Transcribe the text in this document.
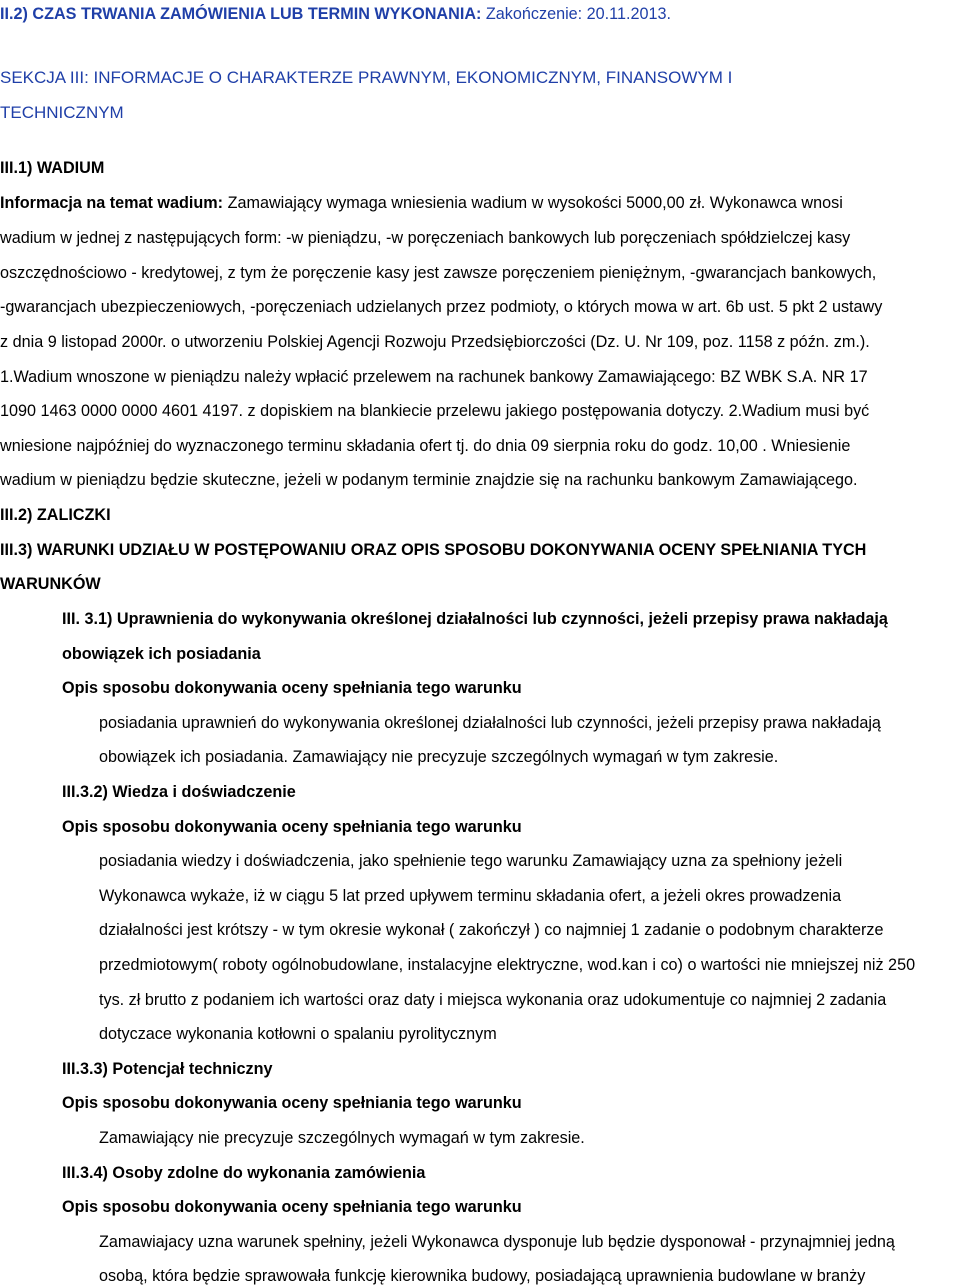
II.2) CZAS TRWANIA ZAMÓWIENIA LUB TERMIN WYKONANIA: Zakończenie: 20.11.2013.
SEKCJA III: INFORMACJE O CHARAKTERZE PRAWNYM, EKONOMICZNYM, FINANSOWYM I
TECHNICZNYM
III.1) WADIUM
Informacja na temat wadium: Zamawiający wymaga wniesienia wadium w wysokości 5000,00 zł. Wykonawca wnosi
wadium w jednej z następujących form: -w pieniądzu, -w poręczeniach bankowych lub poręczeniach spółdzielczej kasy
oszczędnościowo - kredytowej, z tym że poręczenie kasy jest zawsze poręczeniem pieniężnym, -gwarancjach bankowych,
-gwarancjach ubezpieczeniowych, -poręczeniach udzielanych przez podmioty, o których mowa w art. 6b ust. 5 pkt 2 ustawy
z dnia 9 listopad 2000r. o utworzeniu Polskiej Agencji Rozwoju Przedsiębiorczości (Dz. U. Nr 109, poz. 1158 z późn. zm.).
1.Wadium wnoszone w pieniądzu należy wpłacić przelewem na rachunek bankowy Zamawiającego: BZ WBK S.A. NR 17
1090 1463 0000 0000 4601 4197. z dopiskiem na blankiecie przelewu jakiego postępowania dotyczy. 2.Wadium musi być
wniesione najpóźniej do wyznaczonego terminu składania ofert tj. do dnia 09 sierpnia roku do godz. 10,00 . Wniesienie
wadium w pieniądzu będzie skuteczne, jeżeli w podanym terminie znajdzie się na rachunku bankowym Zamawiającego.
III.2) ZALICZKI
III.3) WARUNKI UDZIAŁU W POSTĘPOWANIU ORAZ OPIS SPOSOBU DOKONYWANIA OCENY SPEŁNIANIA TYCH
WARUNKÓW
III. 3.1) Uprawnienia do wykonywania określonej działalności lub czynności, jeżeli przepisy prawa nakładają
obowiązek ich posiadania
Opis sposobu dokonywania oceny spełniania tego warunku
posiadania uprawnień do wykonywania określonej działalności lub czynności, jeżeli przepisy prawa nakładają
obowiązek ich posiadania. Zamawiający nie precyzuje szczególnych wymagań w tym zakresie.
III.3.2) Wiedza i doświadczenie
Opis sposobu dokonywania oceny spełniania tego warunku
posiadania wiedzy i doświadczenia, jako spełnienie tego warunku Zamawiający uzna za spełniony jeżeli
Wykonawca wykaże, iż w ciągu 5 lat przed upływem terminu składania ofert, a jeżeli okres prowadzenia
działalności jest krótszy - w tym okresie wykonał ( zakończył ) co najmniej 1 zadanie o podobnym charakterze
przedmiotowym( roboty ogólnobudowlane, instalacyjne elektryczne, wod.kan i co) o wartości nie mniejszej niż 250
tys. zł brutto z podaniem ich wartości oraz daty i miejsca wykonania oraz udokumentuje co najmniej 2 zadania
dotyczace wykonania kotłowni o spalaniu pyrolitycznym
III.3.3) Potencjał techniczny
Opis sposobu dokonywania oceny spełniania tego warunku
Zamawiający nie precyzuje szczególnych wymagań w tym zakresie.
III.3.4) Osoby zdolne do wykonania zamówienia
Opis sposobu dokonywania oceny spełniania tego warunku
Zamawiajacy uzna warunek spełniny, jeżeli Wykonawca dysponuje lub będzie dysponował - przynajmniej jedną
osobą, która będzie sprawowała funkcję kierownika budowy, posiadającą uprawnienia budowlane w branży
